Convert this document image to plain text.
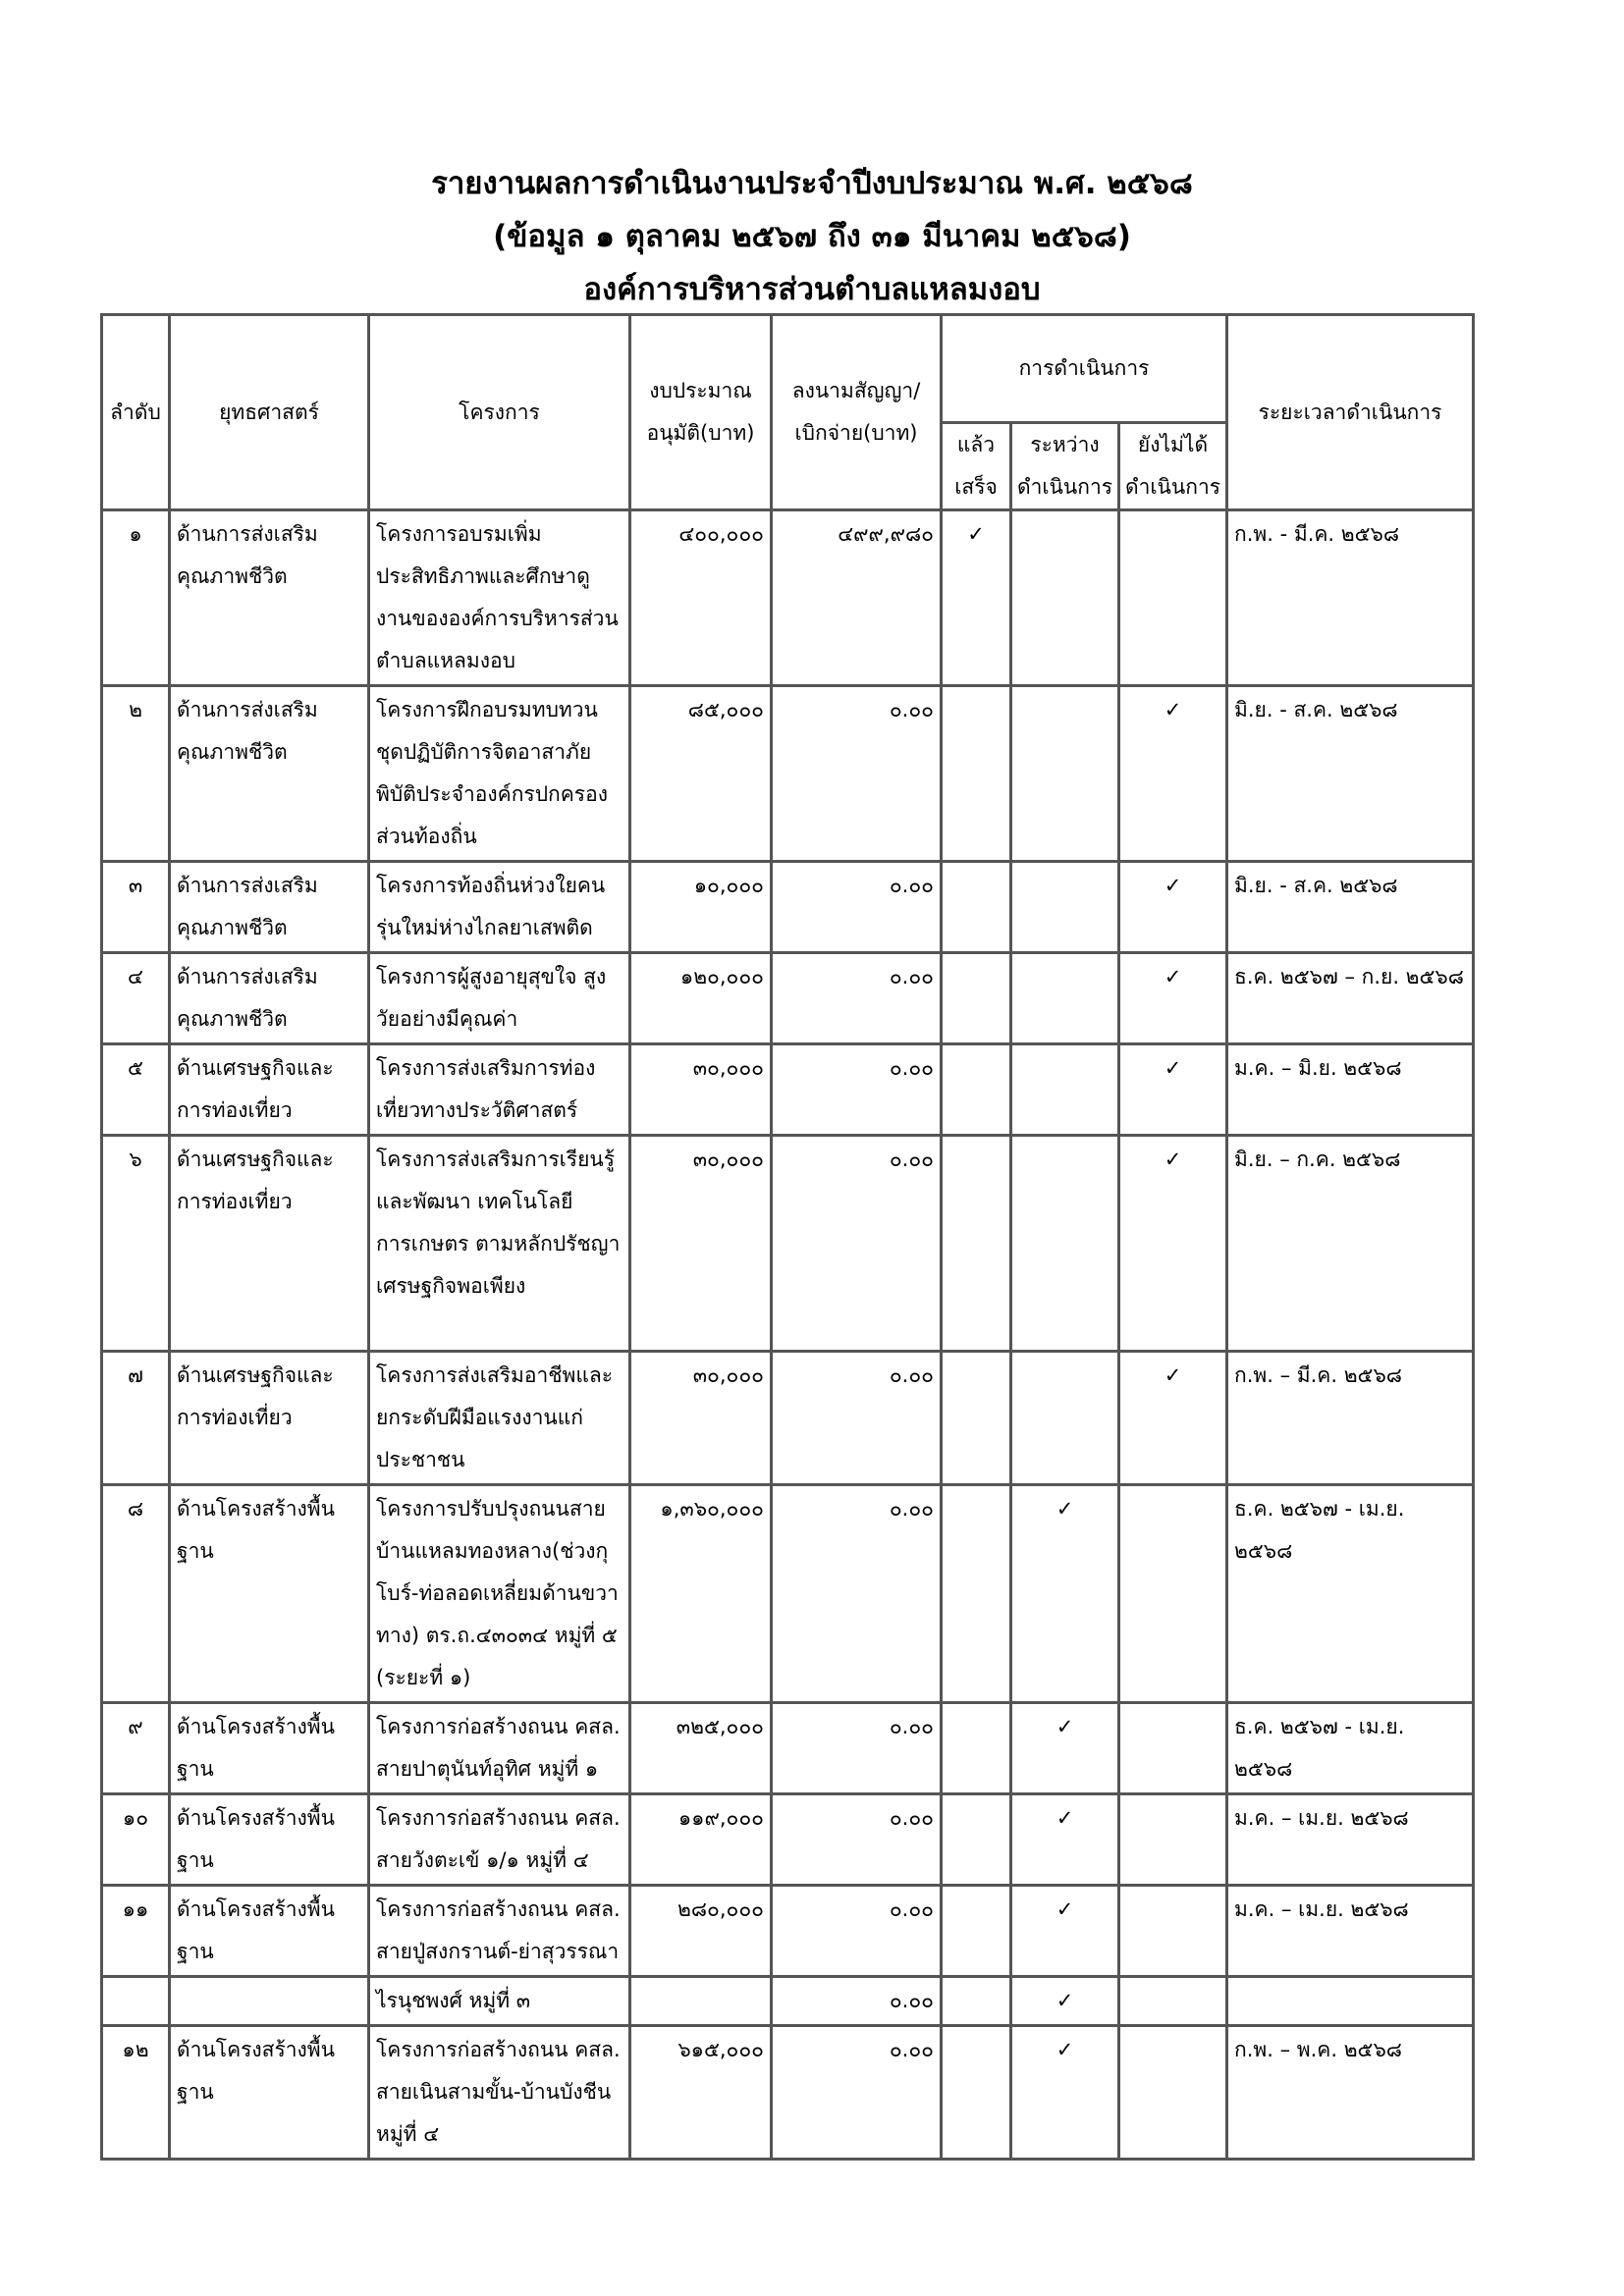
รายงานผลการดำเนินงานประจำปีงบประมาณ พ.ศ. ๒๕๖๘
(ข้อมูล ๑ ตุลาคม ๒๕๖๗ ถึง ๓๑ มีนาคม ๒๕๖๘)
องค์การบริหารส่วนตำบลแหลมงอบ
ลำดับ	ยุทธศาสตร์	โครงการ	งบประมาณ อนุมัติ(บาท)	ลงนามสัญญา/ เบิกจ่าย(บาท)	การดำเนินการ			ระยะเวลาดำเนินการ
					แล้ว เสร็จ	ระหว่าง ดำเนินการ	ยังไม่ได้ ดำเนินการ	
๑	ด้านการส่งเสริมคุณภาพชีวิต	โครงการอบรมเพิ่มประสิทธิภาพและศึกษาดูงานขององค์การบริหารส่วนตำบลแหลมงอบ	๔๐๐,๐๐๐	๔๙๙,๙๘๐	✓			ก.พ. - มี.ค. ๒๕๖๘
๒	ด้านการส่งเสริมคุณภาพชีวิต	โครงการฝึกอบรมทบทวนชุดปฏิบัติการจิตอาสาภัยพิบัติประจำองค์กรปกครองส่วนท้องถิ่น	๘๕,๐๐๐	๐.๐๐			✓	มิ.ย. - ส.ค. ๒๕๖๘
๓	ด้านการส่งเสริมคุณภาพชีวิต	โครงการท้องถิ่นห่วงใยคนรุ่นใหม่ห่างไกลยาเสพติด	๑๐,๐๐๐	๐.๐๐			✓	มิ.ย. - ส.ค. ๒๕๖๘
๔	ด้านการส่งเสริมคุณภาพชีวิต	โครงการผู้สูงอายุสุขใจ สูงวัยอย่างมีคุณค่า	๑๒๐,๐๐๐	๐.๐๐			✓	ธ.ค. ๒๕๖๗ – ก.ย. ๒๕๖๘
๕	ด้านเศรษฐกิจและการท่องเที่ยว	โครงการส่งเสริมการท่องเที่ยวทางประวัติศาสตร์	๓๐,๐๐๐	๐.๐๐			✓	ม.ค. – มิ.ย. ๒๕๖๘
๖	ด้านเศรษฐกิจและการท่องเที่ยว	โครงการส่งเสริมการเรียนรู้และพัฒนา เทคโนโลยีการเกษตร ตามหลักปรัชญาเศรษฐกิจพอเพียง	๓๐,๐๐๐	๐.๐๐			✓	มิ.ย. – ก.ค. ๒๕๖๘
๗	ด้านเศรษฐกิจและการท่องเที่ยว	โครงการส่งเสริมอาชีพและยกระดับฝีมือแรงงานแก่ประชาชน	๓๐,๐๐๐	๐.๐๐			✓	ก.พ. – มี.ค. ๒๕๖๘
๘	ด้านโครงสร้างพื้นฐาน	โครงการปรับปรุงถนนสายบ้านแหลมทองหลาง(ช่วงกุโบร์-ท่อลอดเหลี่ยมด้านขวาทาง) ตร.ถ.๔๓๐๓๔ หมู่ที่ ๕ (ระยะที่ ๑)	๑,๓๖๐,๐๐๐	๐.๐๐		✓		ธ.ค. ๒๕๖๗ - เม.ย. ๒๕๖๘
๙	ด้านโครงสร้างพื้นฐาน	โครงการก่อสร้างถนน คสล. สายปาตุนันท์อุทิศ หมู่ที่ ๑	๓๒๕,๐๐๐	๐.๐๐		✓		ธ.ค. ๒๕๖๗ - เม.ย. ๒๕๖๘
๑๐	ด้านโครงสร้างพื้นฐาน	โครงการก่อสร้างถนน คสล. สายวังตะเข้ ๑/๑ หมู่ที่ ๔	๑๑๙,๐๐๐	๐.๐๐		✓		ม.ค. – เม.ย. ๒๕๖๘
๑๑	ด้านโครงสร้างพื้นฐาน	โครงการก่อสร้างถนน คสล. สายปู่สงกรานต์-ย่าสุวรรณา	๒๘๐,๐๐๐	๐.๐๐		✓		ม.ค. – เม.ย. ๒๕๖๘
		ไรนุชพงศ์ หมู่ที่ ๓		๐.๐๐		✓		
๑๒	ด้านโครงสร้างพื้นฐาน	โครงการก่อสร้างถนน คสล. สายเนินสามขั้น-บ้านบังชีน หมู่ที่ ๔	๖๑๕,๐๐๐	๐.๐๐		✓		ก.พ. – พ.ค. ๒๕๖๘
